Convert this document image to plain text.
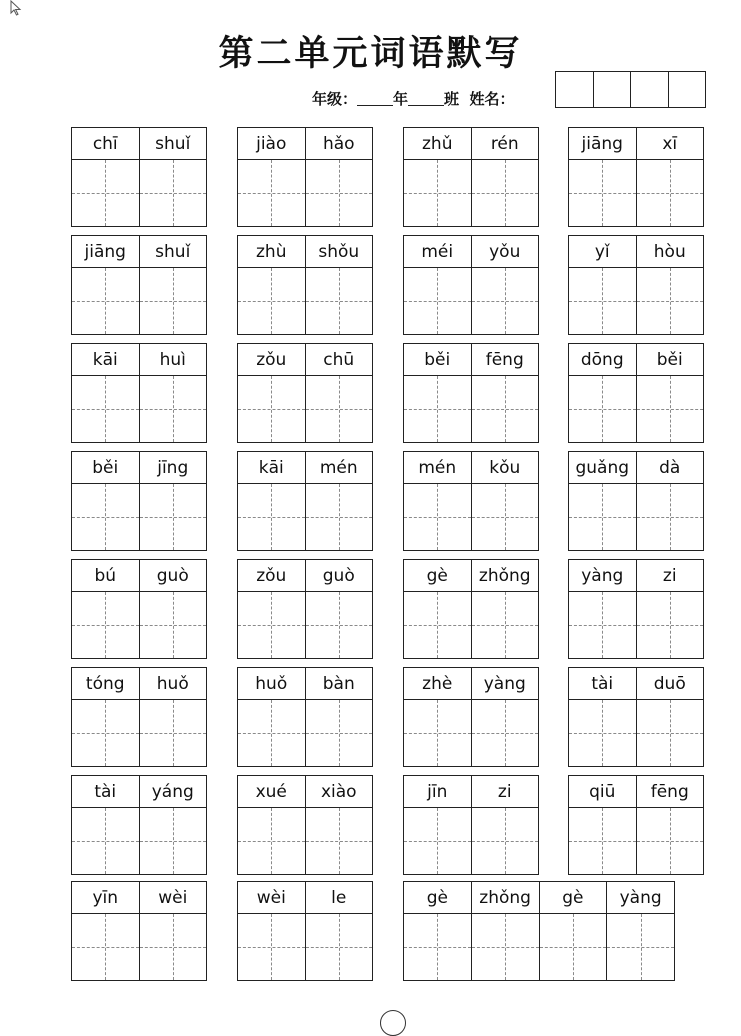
第二单元词语默写
年级： 年 班 姓名：
chī	shuǐ	jiào	hǎo	zhǔ	rén	jiāng	xī
jiāng	shuǐ	zhù	shǒu	méi	yǒu	yǐ	hòu
kāi	huì	zǒu	chū	běi	fēng	dōng	běi
běi	jīng	kāi	mén	mén	kǒu	guǎng	dà
bú	guò	zǒu	guò	gè	zhǒng	yàng	zi
tóng	huǒ	huǒ	bàn	zhè	yàng	tài	duō
tài	yáng	xué	xiào	jīn	zi	qiū	fēng
yīn	wèi	wèi	le	gè	zhǒng	gè	yàng
